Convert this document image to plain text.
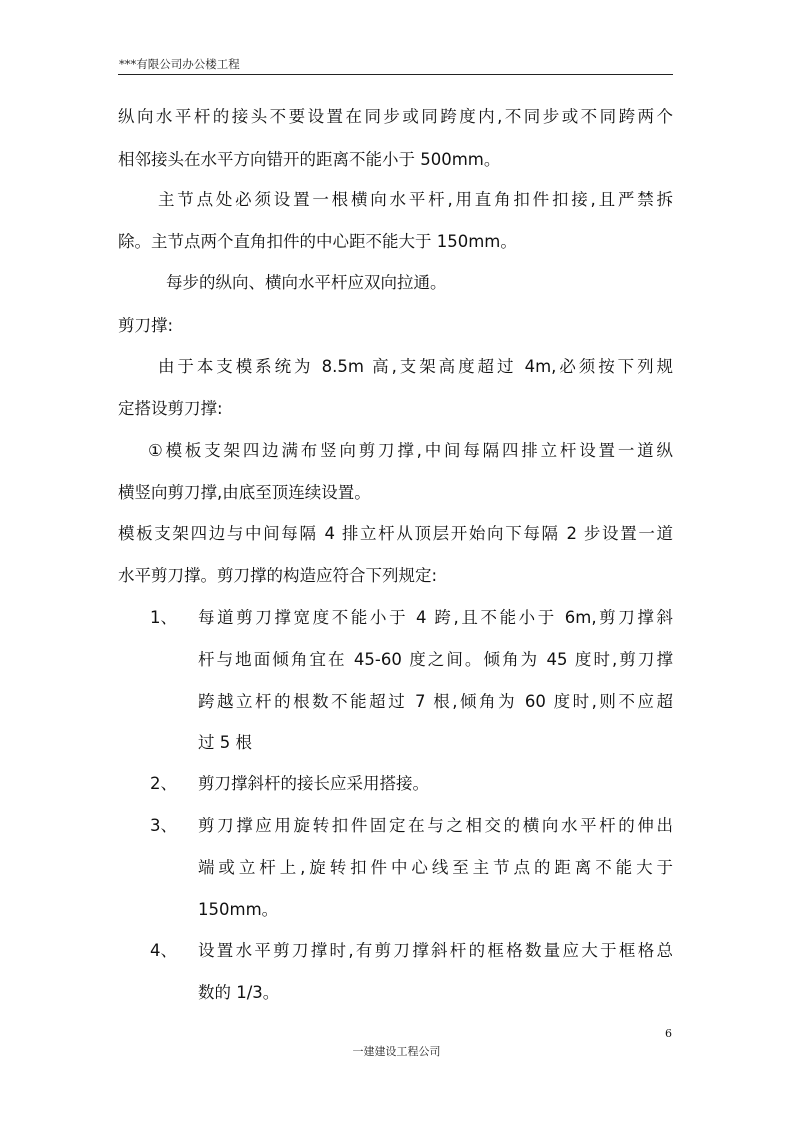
***有限公司办公楼工程
纵向水平杆的接头不要设置在同步或同跨度内,不同步或不同跨两个
相邻接头在水平方向错开的距离不能小于 500mm。
主节点处必须设置一根横向水平杆,用直角扣件扣接,且严禁拆
除。主节点两个直角扣件的中心距不能大于 150mm。
每步的纵向、横向水平杆应双向拉通。
剪刀撑:
由于本支模系统为 8.5m 高,支架高度超过 4m,必须按下列规
定搭设剪刀撑:
①模板支架四边满布竖向剪刀撑,中间每隔四排立杆设置一道纵
横竖向剪刀撑,由底至顶连续设置。
模板支架四边与中间每隔 4 排立杆从顶层开始向下每隔 2 步设置一道
水平剪刀撑。剪刀撑的构造应符合下列规定:
1、 每道剪刀撑宽度不能小于 4 跨,且不能小于 6m,剪刀撑斜
杆与地面倾角宜在 45-60 度之间。倾角为 45 度时,剪刀撑
跨越立杆的根数不能超过 7 根,倾角为 60 度时,则不应超
过 5 根
2、 剪刀撑斜杆的接长应采用搭接。
3、 剪刀撑应用旋转扣件固定在与之相交的横向水平杆的伸出
端或立杆上,旋转扣件中心线至主节点的距离不能大于
150mm。
4、 设置水平剪刀撑时,有剪刀撑斜杆的框格数量应大于框格总
数的 1/3。
6
一建建设工程公司
